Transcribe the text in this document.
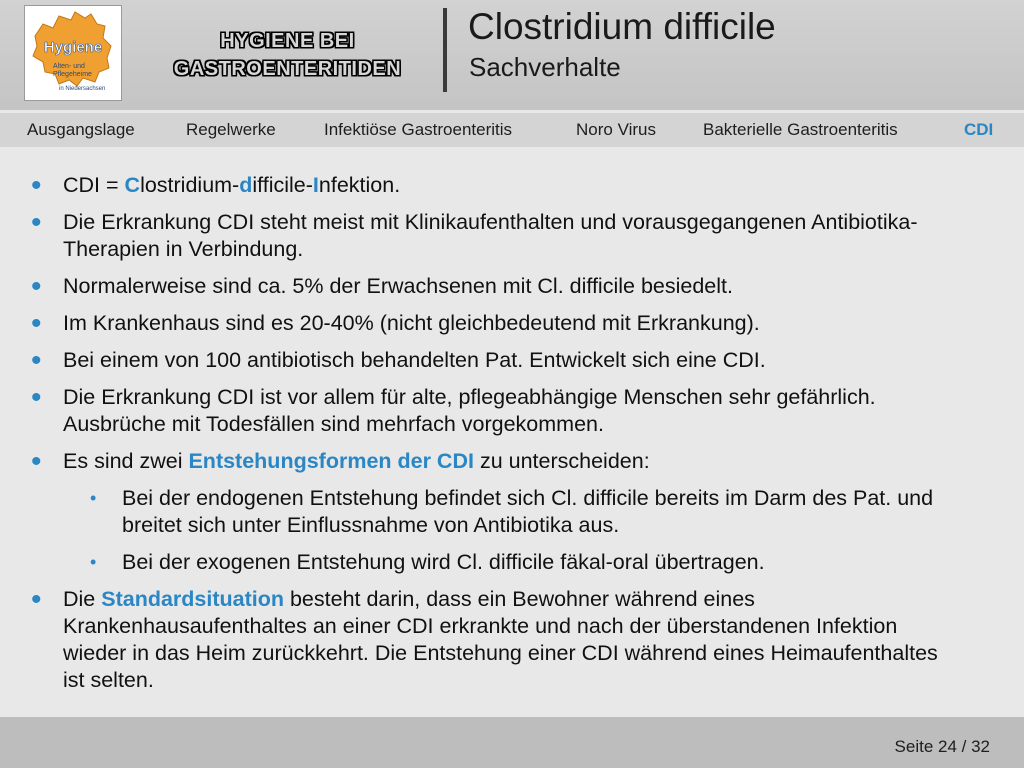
Hygiene
Alten- und
Pflegeheime
in Niedersachsen
HYGIENE BEI
GASTROENTERITIDEN
Clostridium difficile
Sachverhalte
Ausgangslage	Regelwerke	Infektiöse Gastroenteritis	Noro Virus	Bakterielle Gastroenteritis	CDI
• CDI = Clostridium-difficile-Infektion.
• Die Erkrankung CDI steht meist mit Klinikaufenthalten und vorausgegangenen Antibiotika-Therapien in Verbindung.
• Normalerweise sind ca. 5% der Erwachsenen mit Cl. difficile besiedelt.
• Im Krankenhaus sind es 20-40% (nicht gleichbedeutend mit Erkrankung).
• Bei einem von 100 antibiotisch behandelten Pat. Entwickelt sich eine CDI.
• Die Erkrankung CDI ist vor allem für alte, pflegeabhängige Menschen sehr gefährlich. Ausbrüche mit Todesfällen sind mehrfach vorgekommen.
• Es sind zwei Entstehungsformen der CDI zu unterscheiden:
• Bei der endogenen Entstehung befindet sich Cl. difficile bereits im Darm des Pat. und breitet sich unter Einflussnahme von Antibiotika aus.
• Bei der exogenen Entstehung wird Cl. difficile fäkal-oral übertragen.
• Die Standardsituation besteht darin, dass ein Bewohner während eines Krankenhausaufenthaltes an einer CDI erkrankte und nach der überstandenen Infektion wieder in das Heim zurückkehrt. Die Entstehung einer CDI während eines Heimaufenthaltes ist selten.
Seite 24 / 32
